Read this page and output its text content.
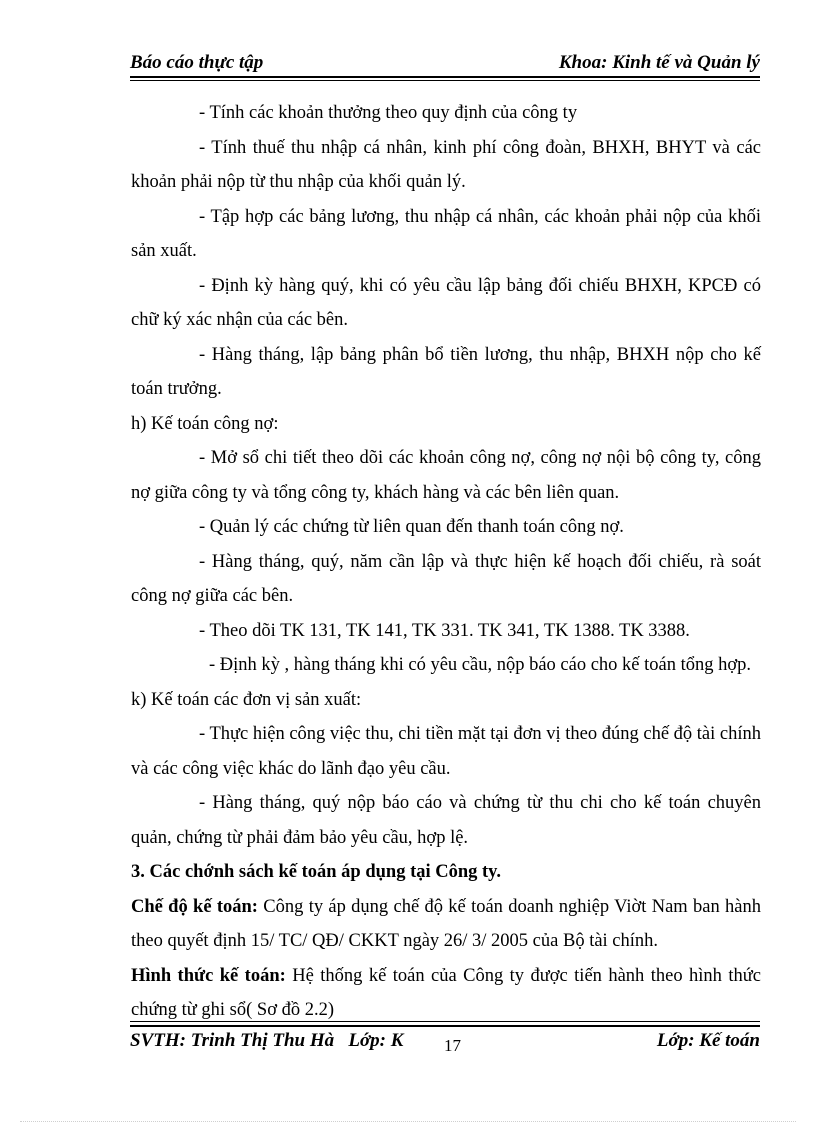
Báo cáo thực tập	Khoa: Kinh tế và Quản lý

- Tính các khoản thưởng theo quy định của công ty

- Tính thuế thu nhập cá nhân, kinh phí công đoàn, BHXH, BHYT và các khoản phải nộp từ thu nhập của khối quản lý.

- Tập hợp các bảng lương, thu nhập cá nhân, các khoản phải nộp của khối sản xuất.

- Định kỳ hàng quý, khi có yêu cầu lập bảng đối chiếu BHXH, KPCĐ có chữ ký xác nhận của các bên.

- Hàng tháng, lập bảng phân bổ tiền lương, thu nhập, BHXH nộp cho kế toán trưởng.

h) Kế toán công nợ:

- Mở sổ chi tiết theo dõi các khoản công nợ, công nợ nội bộ công ty, công nợ giữa công ty và tổng công ty, khách hàng và các bên liên quan.

- Quản lý các chứng từ liên quan đến thanh toán công nợ.

- Hàng tháng, quý, năm cần lập và thực hiện kế hoạch đối chiếu, rà soát công nợ giữa các bên.

- Theo dõi TK 131, TK 141, TK 331. TK 341, TK 1388. TK 3388.

- Định kỳ , hàng tháng khi có yêu cầu, nộp báo cáo cho kế toán tổng hợp.

k) Kế toán các đơn vị sản xuất:

- Thực hiện công việc thu, chi tiền mặt tại đơn vị theo đúng chế độ tài chính và các công việc khác do lãnh đạo yêu cầu.

- Hàng tháng, quý nộp báo cáo và chứng từ thu chi cho kế toán chuyên quản, chứng từ phải đảm bảo yêu cầu, hợp lệ.

3. Các chớnh sách kế toán áp dụng tại Công ty.

Chế độ kế toán: Công ty áp dụng chế độ kế toán doanh nghiệp Viờt Nam ban hành theo quyết định 15/ TC/ QĐ/ CKKT ngày 26/ 3/ 2005 của Bộ tài chính.

Hình thức kế toán: Hệ thống kế toán của Công ty được tiến hành theo hình thức chứng từ ghi sổ( Sơ đồ 2.2)

SVTH: Trinh Thị Thu Hà   Lớp: K 17	Lớp: Kế toán
